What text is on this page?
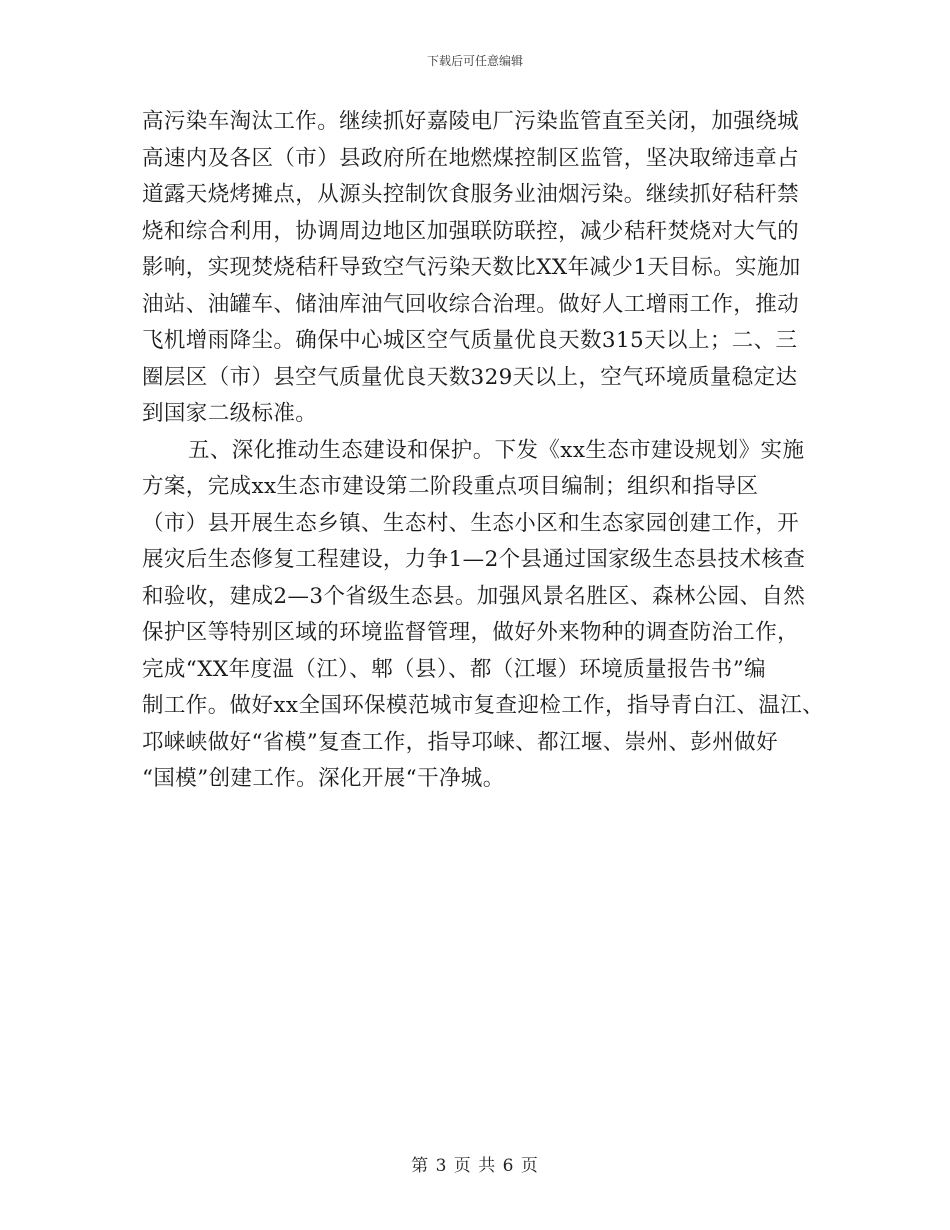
下载后可任意编辑
高污染车淘汰工作。继续抓好嘉陵电厂污染监管直至关闭，加强绕城
高速内及各区（市）县政府所在地燃煤控制区监管，坚决取缔违章占
道露天烧烤摊点，从源头控制饮食服务业油烟污染。继续抓好秸秆禁
烧和综合利用，协调周边地区加强联防联控，减少秸秆焚烧对大气的
影响，实现焚烧秸秆导致空气污染天数比XX年减少1天目标。实施加
油站、油罐车、储油库油气回收综合治理。做好人工增雨工作，推动
飞机增雨降尘。确保中心城区空气质量优良天数315天以上；二、三
圈层区（市）县空气质量优良天数329天以上，空气环境质量稳定达
到国家二级标准。
五、深化推动生态建设和保护。下发《xx生态市建设规划》实施
方案，完成xx生态市建设第二阶段重点项目编制；组织和指导区
（市）县开展生态乡镇、生态村、生态小区和生态家园创建工作，开
展灾后生态修复工程建设，力争1—2个县通过国家级生态县技术核查
和验收，建成2—3个省级生态县。加强风景名胜区、森林公园、自然
保护区等特别区域的环境监督管理，做好外来物种的调查防治工作，
完成“XX年度温（江）、郫（县）、都（江堰）环境质量报告书”编
制工作。做好xx全国环保模范城市复查迎检工作，指导青白江、温江、
邛崃峡做好“省模”复查工作，指导邛崃、都江堰、崇州、彭州做好
“国模”创建工作。深化开展“干净城。
第 3 页 共 6 页
